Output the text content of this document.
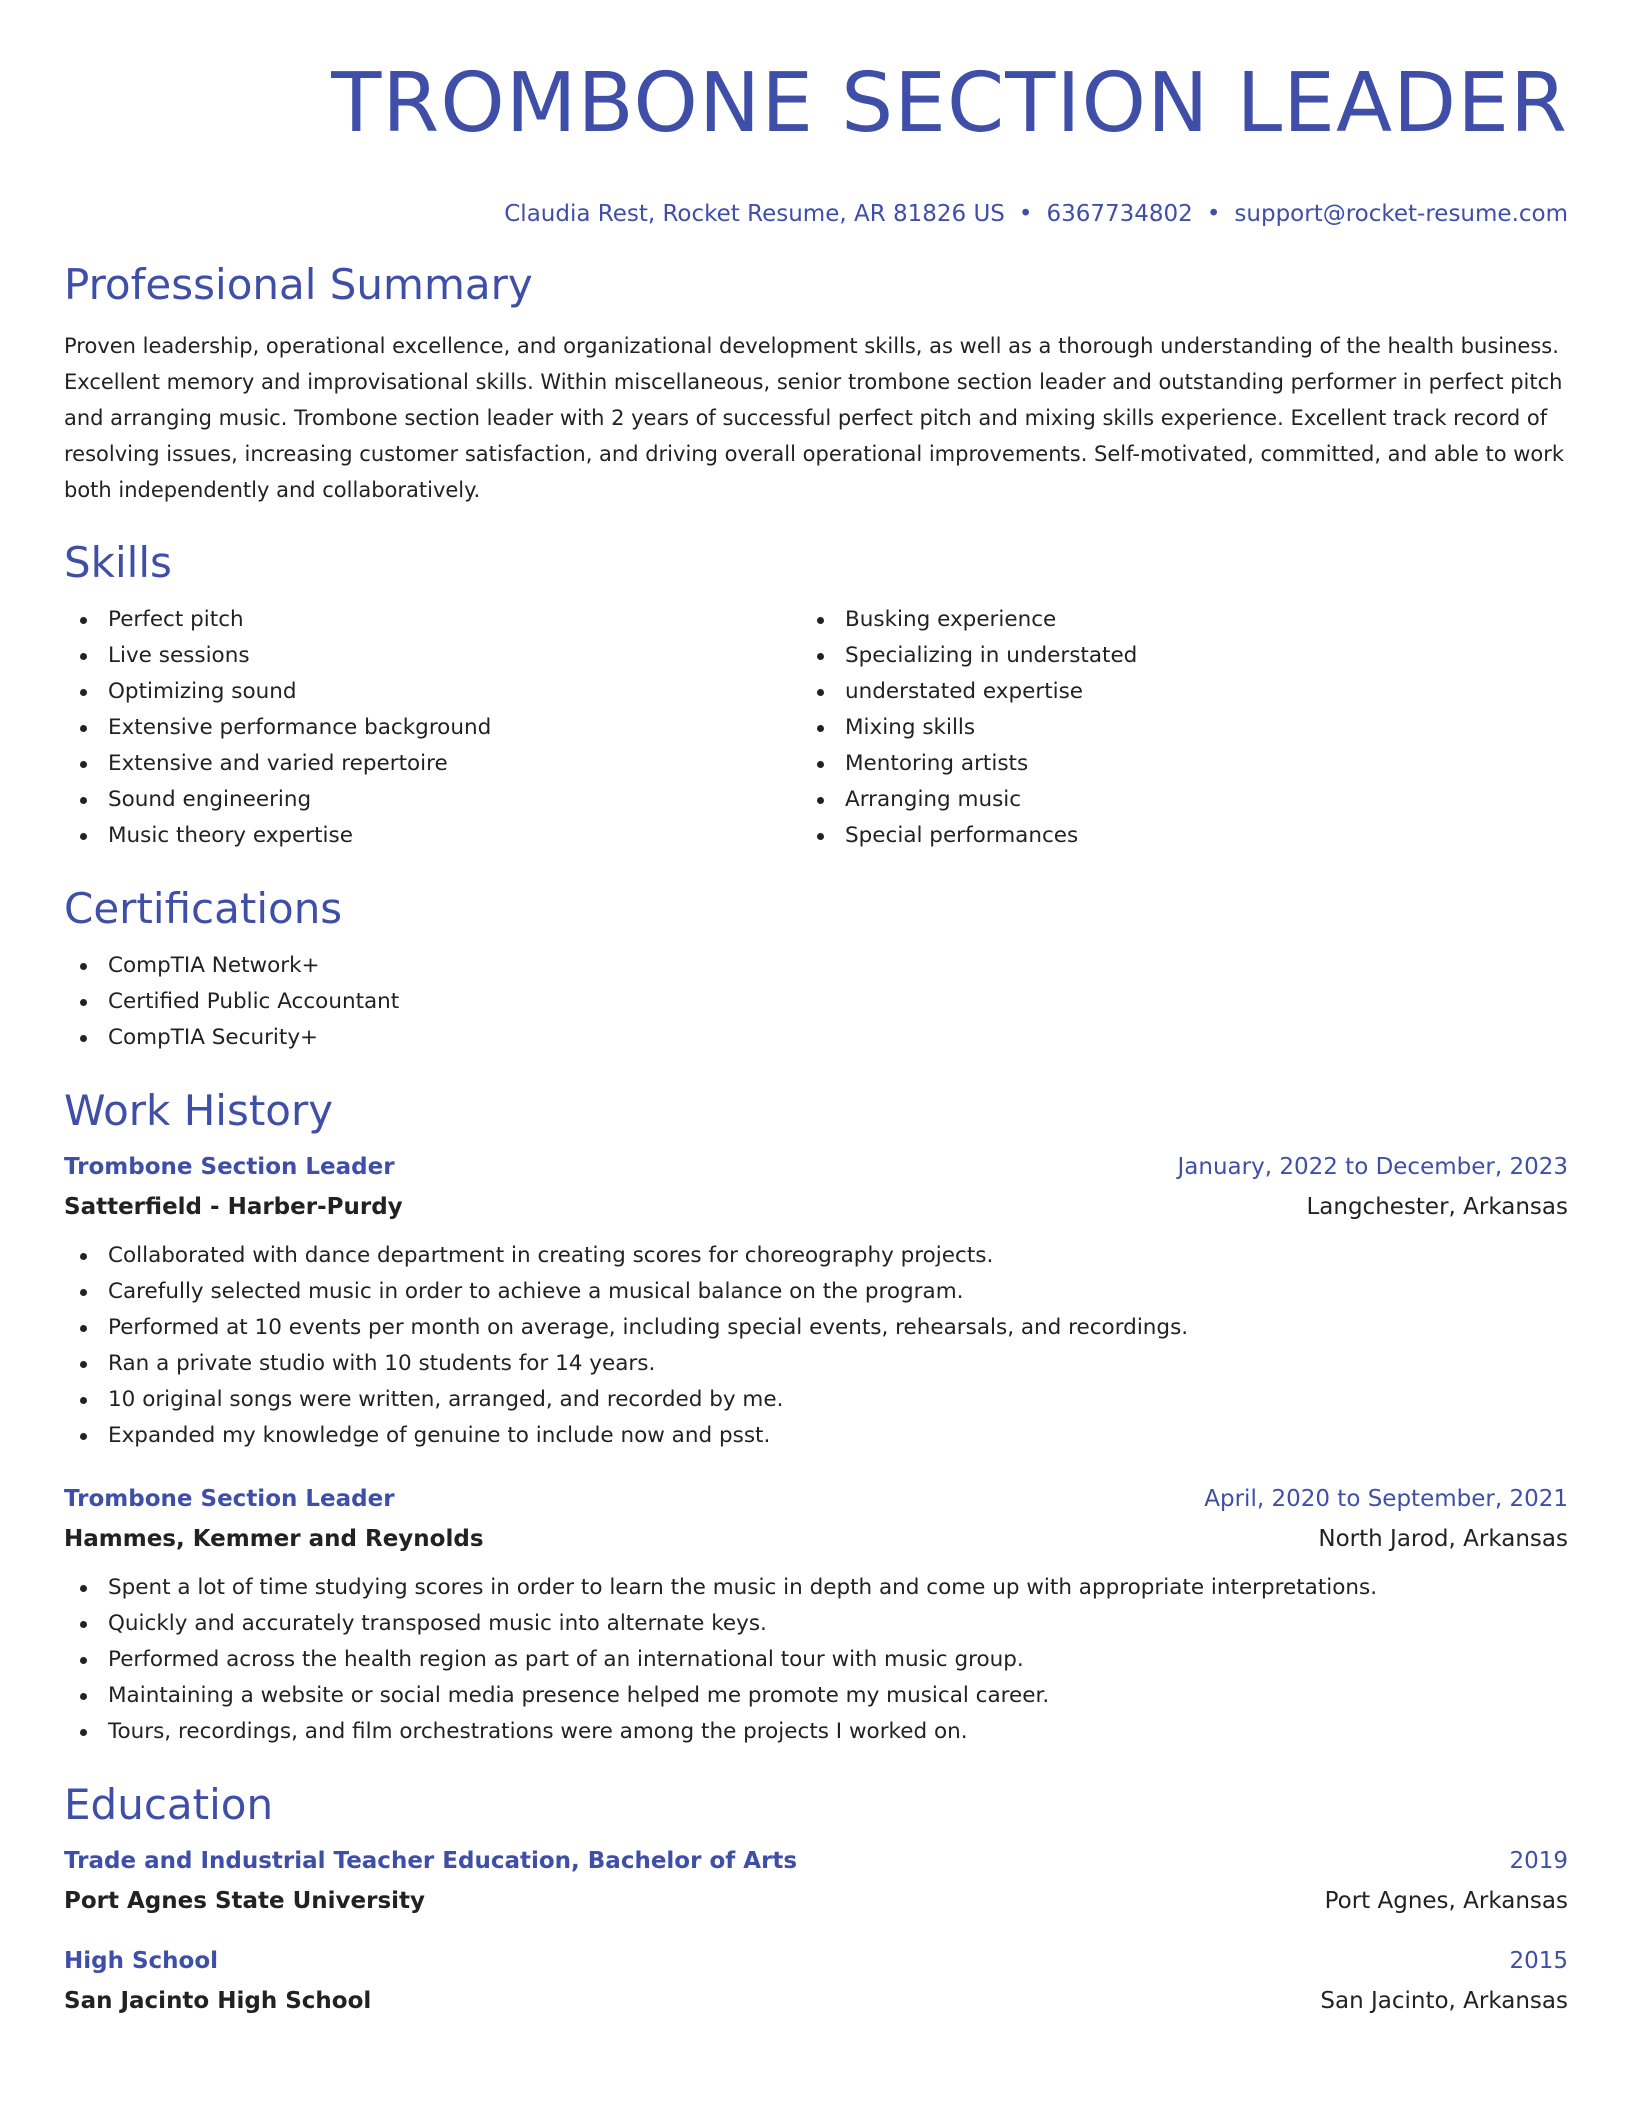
TROMBONE SECTION LEADER
Claudia Rest, Rocket Resume, AR 81826 US • 6367734802 • support@rocket-resume.com
Professional Summary

Proven leadership, operational excellence, and organizational development skills, as well as a thorough understanding of the health business. Excellent memory and improvisational skills. Within miscellaneous, senior trombone section leader and outstanding performer in perfect pitch and arranging music. Trombone section leader with 2 years of successful perfect pitch and mixing skills experience. Excellent track record of resolving issues, increasing customer satisfaction, and driving overall operational improvements. Self-motivated, committed, and able to work both independently and collaboratively.

Skills
Perfect pitch
Live sessions
Optimizing sound
Extensive performance background
Extensive and varied repertoire
Sound engineering
Music theory expertise
Busking experience
Specializing in understated
understated expertise
Mixing skills
Mentoring artists
Arranging music
Special performances
Certifications
CompTIA Network+
Certified Public Accountant
CompTIA Security+
Work History
Trombone Section Leader	January, 2022 to December, 2023
Satterfield - Harber-Purdy	Langchester, Arkansas
Collaborated with dance department in creating scores for choreography projects.
Carefully selected music in order to achieve a musical balance on the program.
Performed at 10 events per month on average, including special events, rehearsals, and recordings.
Ran a private studio with 10 students for 14 years.
10 original songs were written, arranged, and recorded by me.
Expanded my knowledge of genuine to include now and psst.
Trombone Section Leader	April, 2020 to September, 2021
Hammes, Kemmer and Reynolds	North Jarod, Arkansas
Spent a lot of time studying scores in order to learn the music in depth and come up with appropriate interpretations.
Quickly and accurately transposed music into alternate keys.
Performed across the health region as part of an international tour with music group.
Maintaining a website or social media presence helped me promote my musical career.
Tours, recordings, and film orchestrations were among the projects I worked on.
Education
Trade and Industrial Teacher Education, Bachelor of Arts	2019
Port Agnes State University	Port Agnes, Arkansas
High School	2015
San Jacinto High School	San Jacinto, Arkansas
